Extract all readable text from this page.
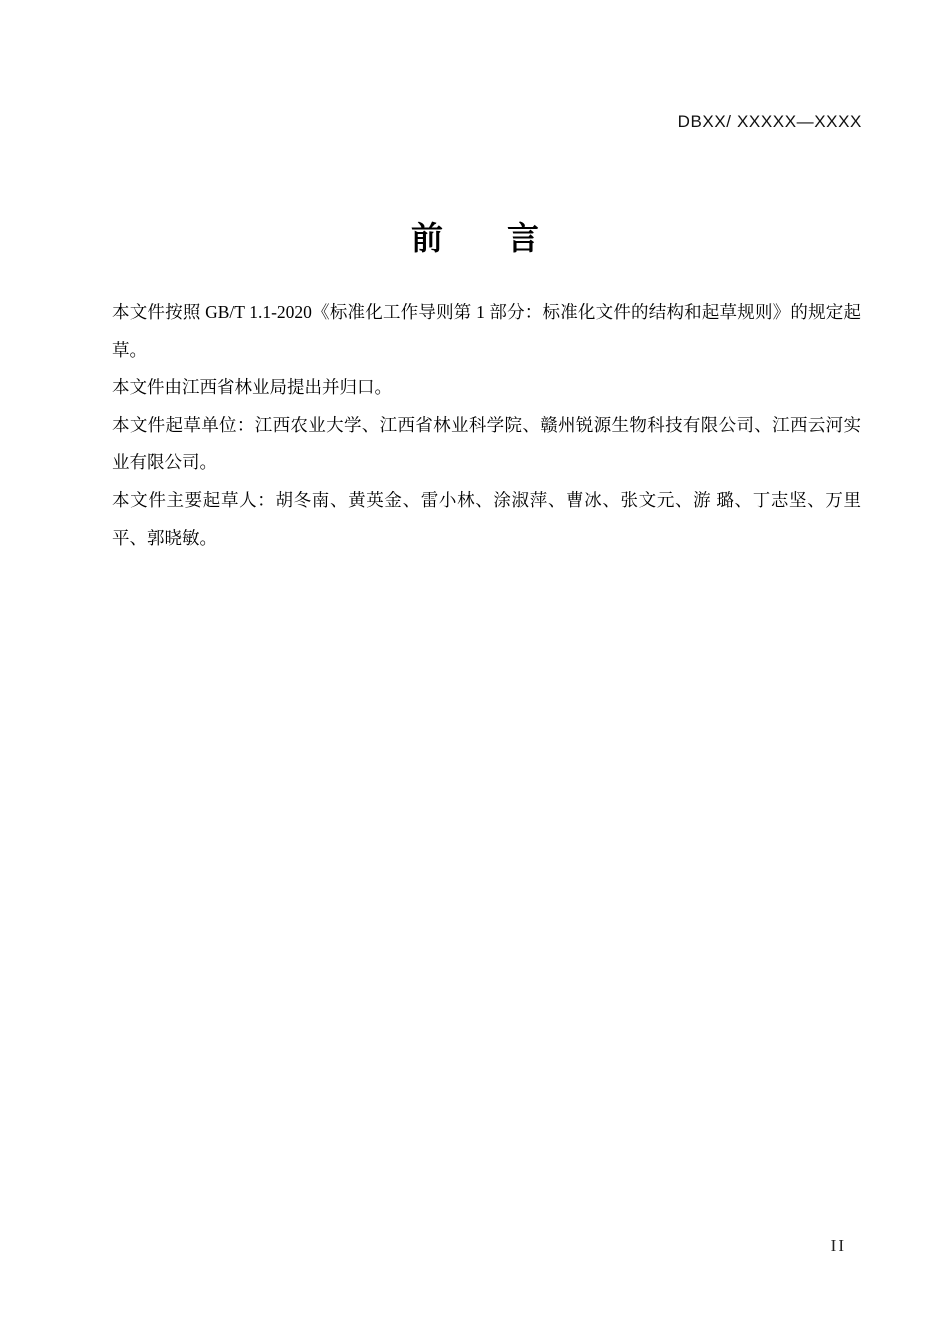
DBXX/ XXXXX—XXXX
前　　言

本文件按照 GB/T 1.1-2020《标准化工作导则第 1 部分：标准化文件的结构和起草规则》的规定起草。

本文件由江西省林业局提出并归口。

本文件起草单位：江西农业大学、江西省林业科学院、赣州锐源生物科技有限公司、江西云河实业有限公司。

本文件主要起草人：胡冬南、黄英金、雷小林、涂淑萍、曹冰、张文元、游 璐、丁志坚、万里平、郭晓敏。

II
